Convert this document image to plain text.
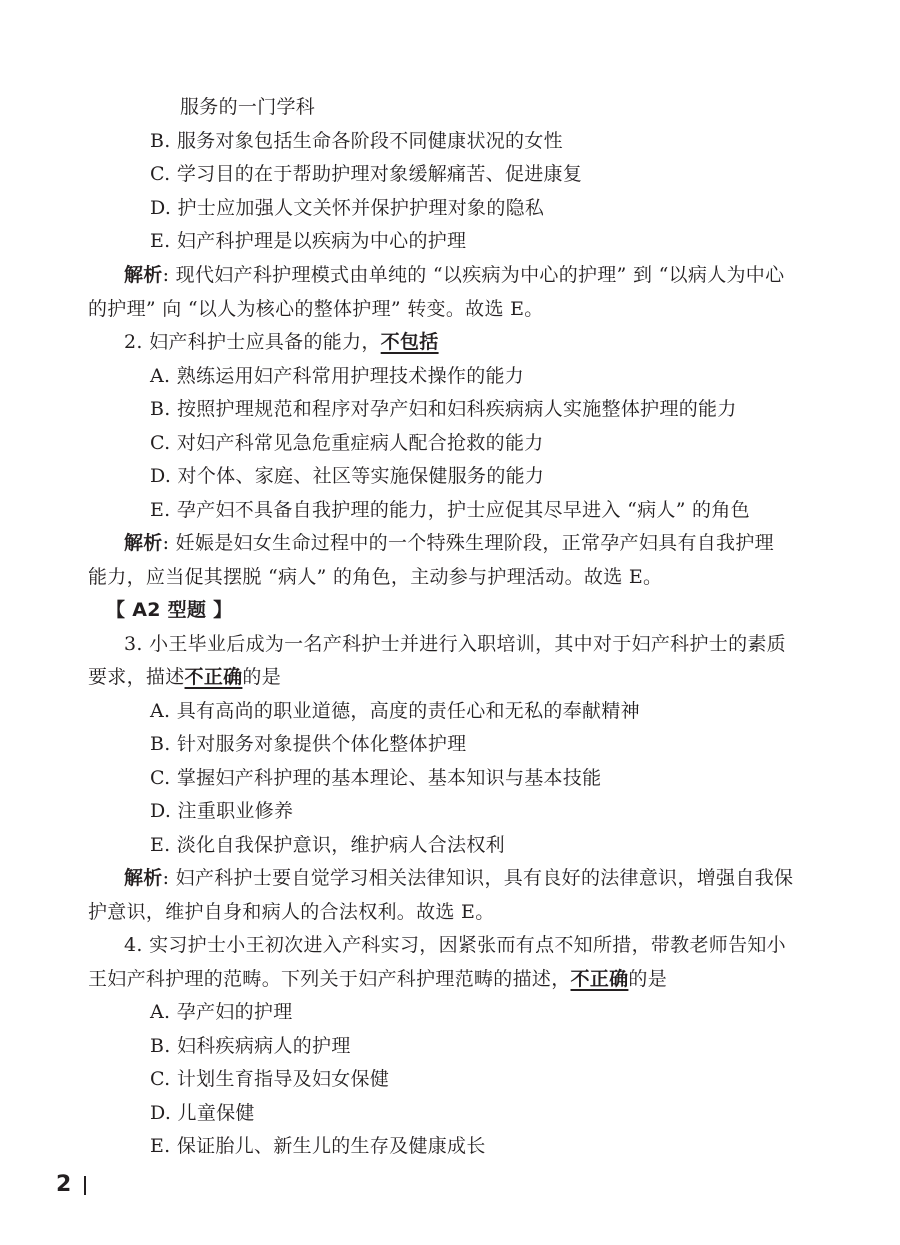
服务的一门学科
B. 服务对象包括生命各阶段不同健康状况的女性
C. 学习目的在于帮助护理对象缓解痛苦、促进康复
D. 护士应加强人文关怀并保护护理对象的隐私
E. 妇产科护理是以疾病为中心的护理
解析: 现代妇产科护理模式由单纯的 “以疾病为中心的护理” 到 “以病人为中心
的护理” 向 “以人为核心的整体护理” 转变。故选 E。
2. 妇产科护士应具备的能力，不包括
A. 熟练运用妇产科常用护理技术操作的能力
B. 按照护理规范和程序对孕产妇和妇科疾病病人实施整体护理的能力
C. 对妇产科常见急危重症病人配合抢救的能力
D. 对个体、家庭、社区等实施保健服务的能力
E. 孕产妇不具备自我护理的能力，护士应促其尽早进入 “病人” 的角色
解析: 妊娠是妇女生命过程中的一个特殊生理阶段，正常孕产妇具有自我护理
能力，应当促其摆脱 “病人” 的角色，主动参与护理活动。故选 E。
【 A2 型题 】
3. 小王毕业后成为一名产科护士并进行入职培训，其中对于妇产科护士的素质
要求，描述不正确的是
A. 具有高尚的职业道德，高度的责任心和无私的奉献精神
B. 针对服务对象提供个体化整体护理
C. 掌握妇产科护理的基本理论、基本知识与基本技能
D. 注重职业修养
E. 淡化自我保护意识，维护病人合法权利
解析: 妇产科护士要自觉学习相关法律知识，具有良好的法律意识，增强自我保
护意识，维护自身和病人的合法权利。故选 E。
4. 实习护士小王初次进入产科实习，因紧张而有点不知所措，带教老师告知小
王妇产科护理的范畴。下列关于妇产科护理范畴的描述，不正确的是
A. 孕产妇的护理
B. 妇科疾病病人的护理
C. 计划生育指导及妇女保健
D. 儿童保健
E. 保证胎儿、新生儿的生存及健康成长
2
